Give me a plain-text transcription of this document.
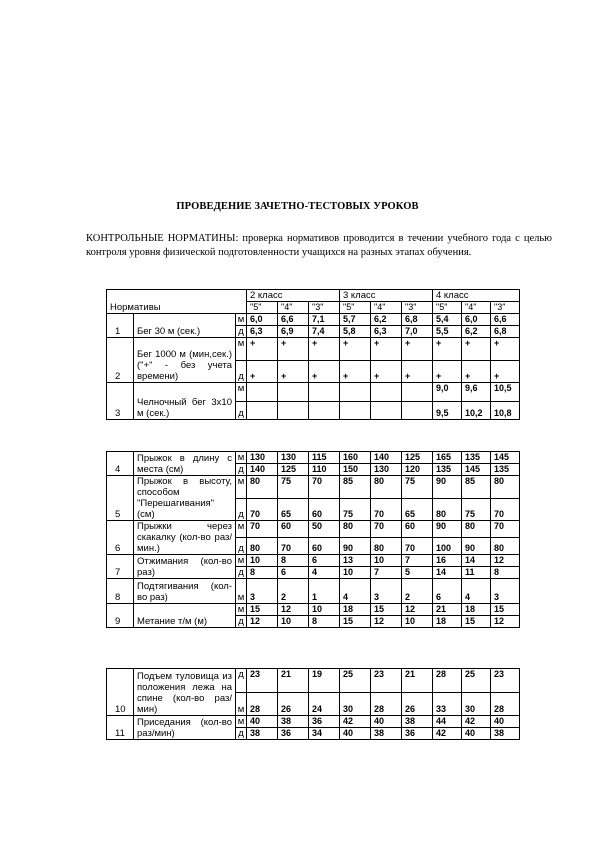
ПРОВЕДЕНИЕ ЗАЧЕТНО-ТЕСТОВЫХ УРОКОВ
КОНТРОЛЬНЫЕ НОРМАТИНЫ: проверка нормативов проводится в течении учебного года с целью контроля уровня физической подготовленности учащихся на разных этапах обучения.
Нормативы			2 класс			3 класс			4 класс		
			"5"	"4"	"3"	"5"	"4"	"3"	"5"	"4"	"3"
1	Бег 30 м (сек.)	м	6,0	6,6	7,1	5,7	6,2	6,8	5,4	6,0	6,6
		д	6,3	6,9	7,4	5,8	6,3	7,0	5,5	6,2	6,8
2	Бег 1000 м (мин,сек.) ("+" - без учета времени)	м	+	+	+	+	+	+	+	+	+
		д	+	+	+	+	+	+	+	+	+
3	Челночный бег 3х10 м (сек.)	м							9,0	9,6	10,5
		д							9,5	10,2	10,8
4	Прыжок в длину с места (см)	м	130	130	115	160	140	125	165	135	145
		д	140	125	110	150	130	120	135	145	135
5	Прыжок в высоту, способом "Перешагивания" (см)	м	80	75	70	85	80	75	90	85	80
		д	70	65	60	75	70	65	80	75	70
6	Прыжки через скакалку (кол-во раз/мин.)	м	70	60	50	80	70	60	90	80	70
		д	80	70	60	90	80	70	100	90	80
7	Отжимания (кол-во раз)	м	10	8	6	13	10	7	16	14	12
		д	8	6	4	10	7	5	14	11	8
8	Подтягивания (кол-во раз)	м	3	2	1	4	3	2	6	4	3
9	Метание т/м (м)	м	15	12	10	18	15	12	21	18	15
		д	12	10	8	15	12	10	18	15	12
10	Подъем туловища из положения лежа на спине (кол-во раз/мин)	д	23	21	19	25	23	21	28	25	23
		м	28	26	24	30	28	26	33	30	28
11	Приседания (кол-во раз/мин)	м	40	38	36	42	40	38	44	42	40
		д	38	36	34	40	38	36	42	40	38
